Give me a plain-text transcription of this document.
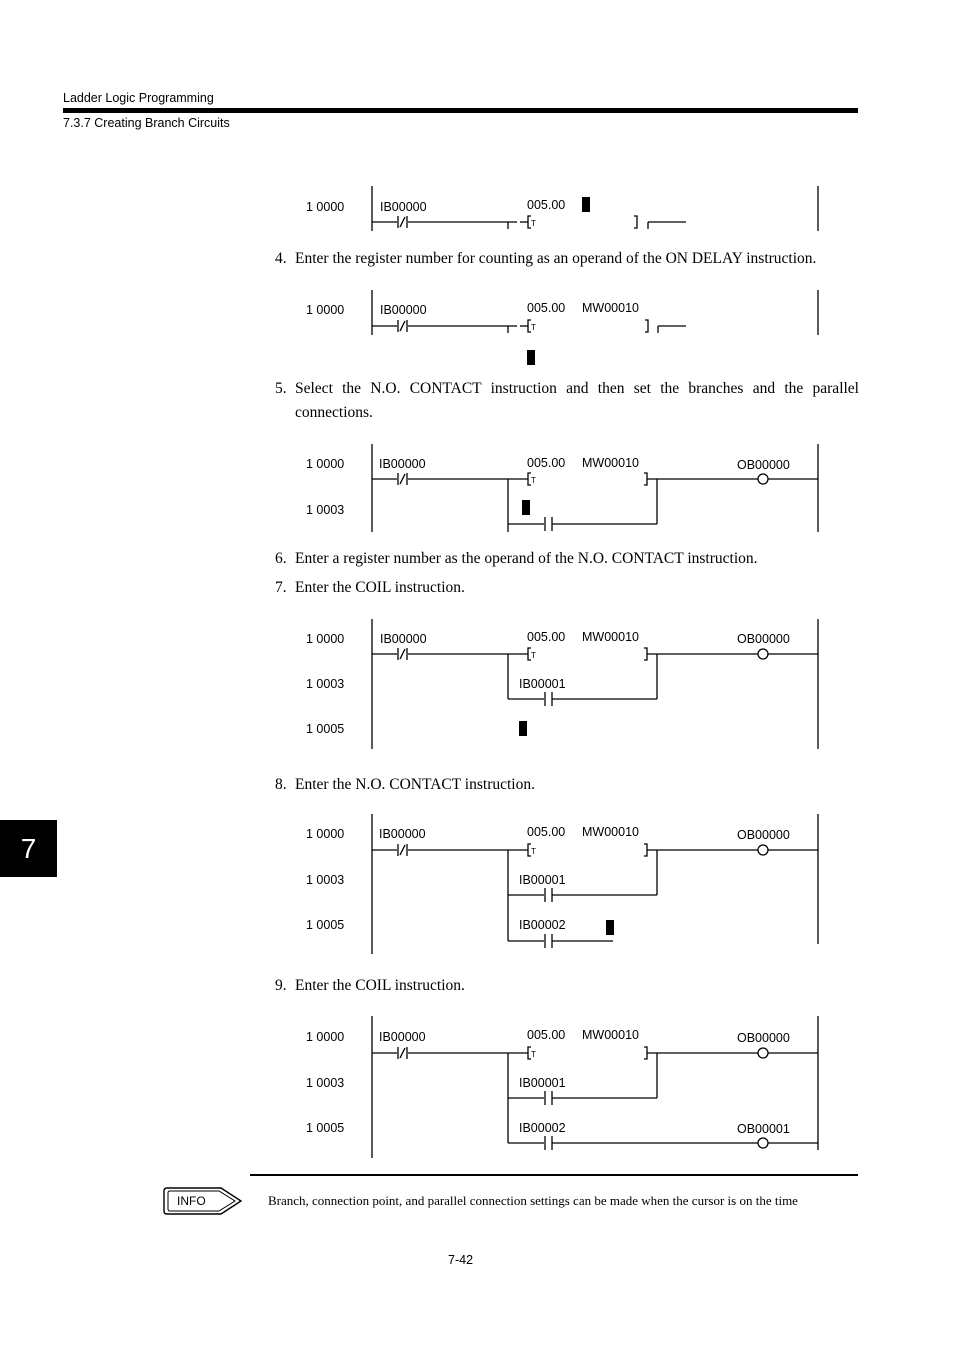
Ladder Logic Programming
7.3.7 Creating Branch Circuits
4. Enter the register number for counting as an operand of the ON DELAY instruction.
5. Select the N.O. CONTACT instruction and then set the branches and the parallel connections.
6. Enter a register number as the operand of the N.O. CONTACT instruction.
7. Enter the COIL instruction.
8. Enter the N.O. CONTACT instruction.
9. Enter the COIL instruction.
1 0000	IB00000	005.00
T
1 0000	IB00000	005.00 MW00010
T
1 0000
1 0003
IB00000	005.00 MW00010	OB00000
T
1 0000
1 0003
1 0005
IB00000	005.00 MW00010	OB00000
IB00001
T
1 0000
1 0003
1 0005
IB00000	005.00 MW00010	OB00000
IB00001
IB00002
T
1 0000
1 0003
1 0005
IB00000	005.00 MW00010	OB00000
IB00001
IB00002	OB00001
T
7
INFO	Branch, connection point, and parallel connection settings can be made when the cursor is on the time
7-42
